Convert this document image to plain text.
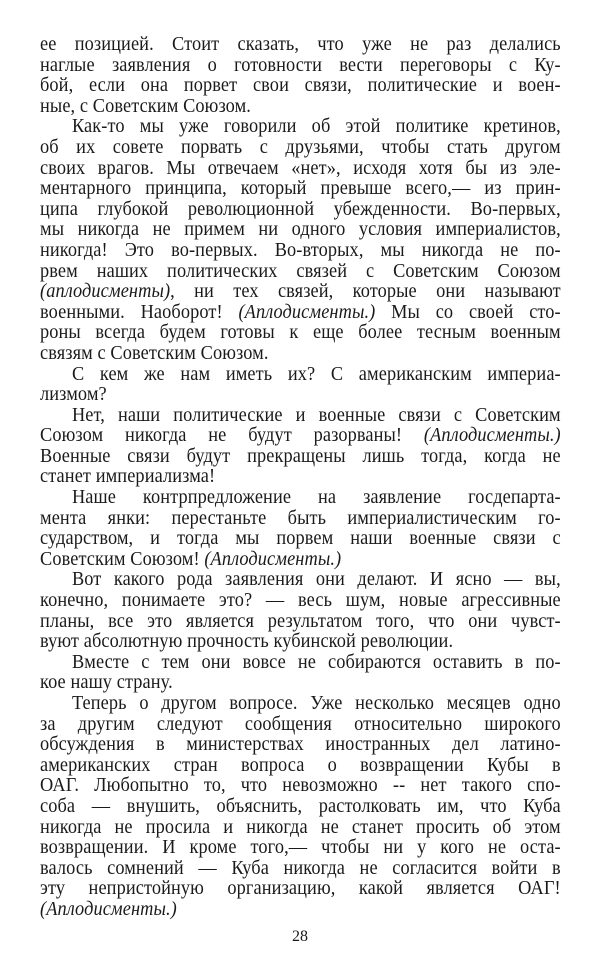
ее позицией. Стоит сказать, что уже не раз делались
наглые заявления о готовности вести переговоры с Ку-
бой, если она порвет свои связи, политические и воен-
ные, с Советским Союзом.
Как-то мы уже говорили об этой политике кретинов,
об их совете порвать с друзьями, чтобы стать другом
своих врагов. Мы отвечаем «нет», исходя хотя бы из эле-
ментарного принципа, который превыше всего,— из прин-
ципа глубокой революционной убежденности. Во-первых,
мы никогда не примем ни одного условия империалистов,
никогда! Это во-первых. Во-вторых, мы никогда не по-
рвем наших политических связей с Советским Союзом
(аплодисменты), ни тех связей, которые они называют
военными. Наоборот! (Аплодисменты.) Мы со своей сто-
роны всегда будем готовы к еще более тесным военным
связям с Советским Союзом.
С кем же нам иметь их? С американским империа-
лизмом?
Нет, наши политические и военные связи с Советским
Союзом никогда не будут разорваны! (Аплодисменты.)
Военные связи будут прекращены лишь тогда, когда не
станет империализма!
Наше контрпредложение на заявление госдепарта-
мента янки: перестаньте быть империалистическим го-
сударством, и тогда мы порвем наши военные связи с
Советским Союзом! (Аплодисменты.)
Вот какого рода заявления они делают. И ясно — вы,
конечно, понимаете это? — весь шум, новые агрессивные
планы, все это является результатом того, что они чувст-
вуют абсолютную прочность кубинской революции.
Вместе с тем они вовсе не собираются оставить в по-
кое нашу страну.
Теперь о другом вопросе. Уже несколько месяцев одно
за другим следуют сообщения относительно широкого
обсуждения в министерствах иностранных дел латино-
американских стран вопроса о возвращении Кубы в
ОАГ. Любопытно то, что невозможно -- нет такого спо-
соба — внушить, объяснить, растолковать им, что Куба
никогда не просила и никогда не станет просить об этом
возвращении. И кроме того,— чтобы ни у кого не оста-
валось сомнений — Куба никогда не согласится войти в
эту непристойную организацию, какой является ОАГ!
(Аплодисменты.)
28
